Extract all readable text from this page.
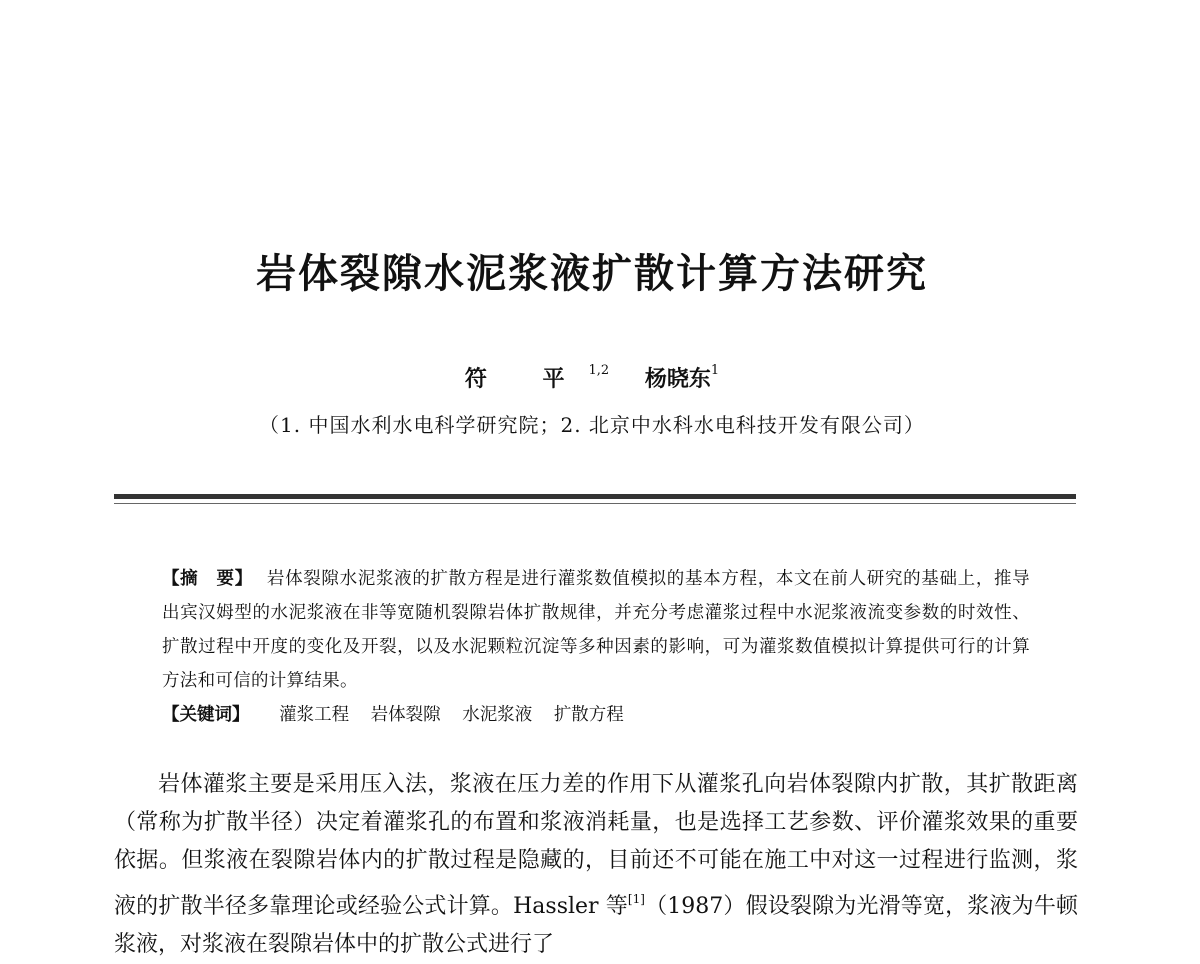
岩体裂隙水泥浆液扩散计算方法研究
符 平$^{1,2}$ 杨晓东$^1$
（1. 中国水利水电科学研究院；2. 北京中水科水电科技开发有限公司）
【摘　要】 岩体裂隙水泥浆液的扩散方程是进行灌浆数值模拟的基本方程，本文在前人研究的基础上，推导出宾汉姆型的水泥浆液在非等宽随机裂隙岩体扩散规律，并充分考虑灌浆过程中水泥浆液流变参数的时效性、扩散过程中开度的变化及开裂，以及水泥颗粒沉淀等多种因素的影响，可为灌浆数值模拟计算提供可行的计算方法和可信的计算结果。
【关键词】 灌浆工程 岩体裂隙 水泥浆液 扩散方程

岩体灌浆主要是采用压入法，浆液在压力差的作用下从灌浆孔向岩体裂隙内扩散，其扩散距离（常称为扩散半径）决定着灌浆孔的布置和浆液消耗量，也是选择工艺参数、评价灌浆效果的重要依据。但浆液在裂隙岩体内的扩散过程是隐藏的，目前还不可能在施工中对这一过程进行监测，浆液的扩散半径多靠理论或经验公式计算。Hassler 等[1]（1987）假设裂隙为光滑等宽，浆液为牛顿浆液，对浆液在裂隙岩体中的扩散公式进行了
